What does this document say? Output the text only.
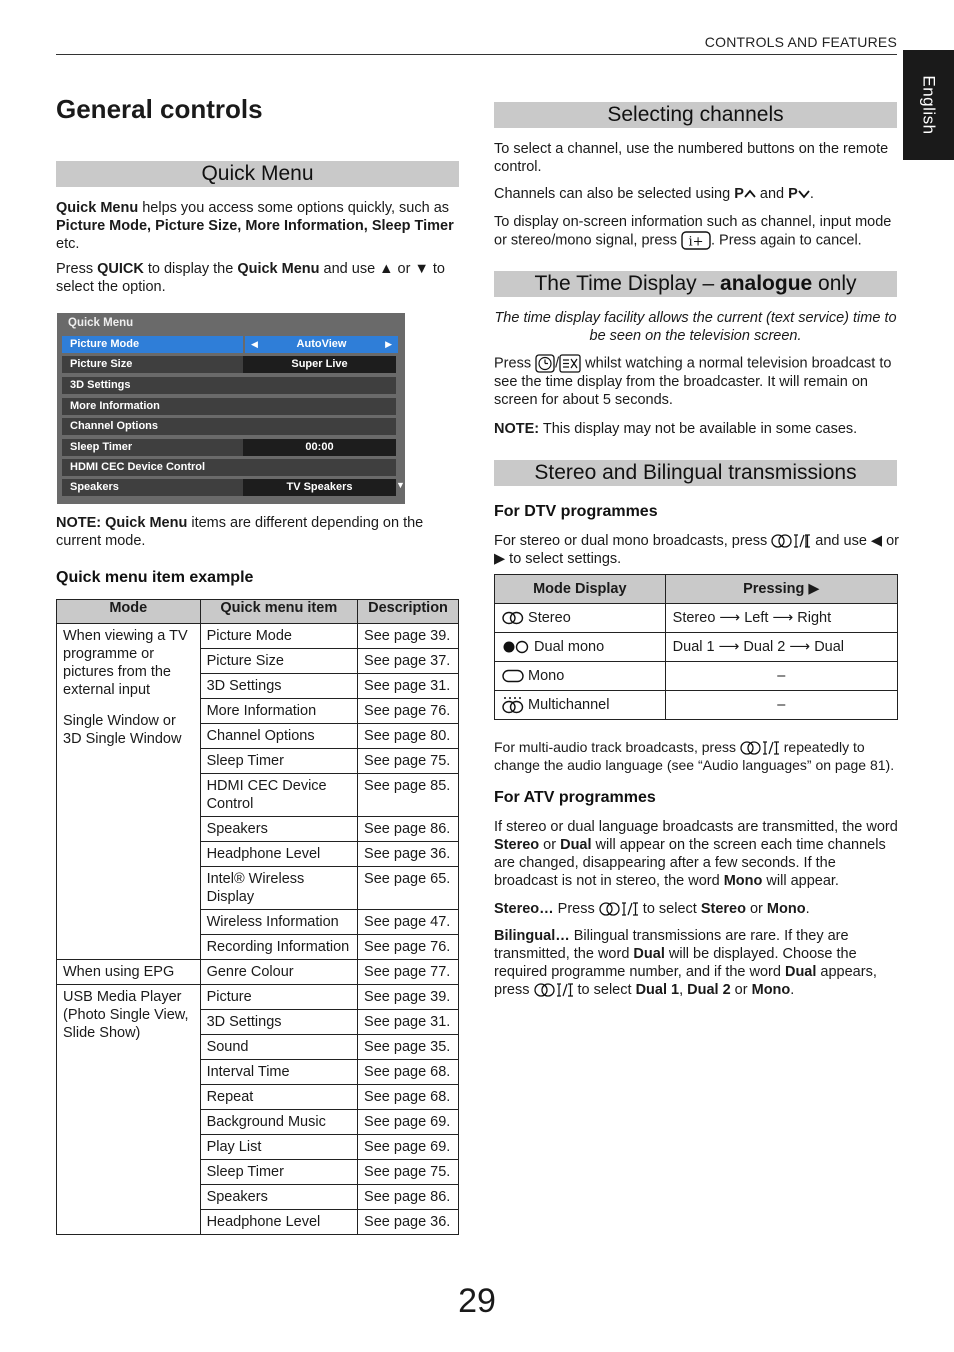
CONTROLS AND FEATURES
English
General controls
Quick Menu
Quick Menu helps you access some options quickly, such as Picture Mode, Picture Size, More Information, Sleep Timer etc.
Press QUICK to display the Quick Menu and use ▲ or ▼ to select the option.
Quick Menu
Picture Mode	◀	AutoView	▶
Picture Size	Super Live
3D Settings
More Information
Channel Options
Sleep Timer	00:00
HDMI CEC Device Control
Speakers	TV Speakers	▼
NOTE: Quick Menu items are different depending on the current mode.
Quick menu item example
Mode	Quick menu item	Description

When viewing a TV programme or pictures from the external input
Single Window or 3D Single Window	Picture Mode	See page 39.
	Picture Size	See page 37.
	3D Settings	See page 31.
	More Information	See page 76.
	Channel Options	See page 80.
	Sleep Timer	See page 75.
	HDMI CEC Device Control	See page 85.
	Speakers	See page 86.
	Headphone Level	See page 36.
	Intel® Wireless Display	See page 65.
	Wireless Information	See page 47.
	Recording Information	See page 76.
When using EPG	Genre Colour	See page 77.
USB Media Player (Photo Single View, Slide Show)	Picture	See page 39.
	3D Settings	See page 31.
	Sound	See page 35.
	Interval Time	See page 68.
	Repeat	See page 68.
	Background Music	See page 69.
	Play List	See page 69.
	Sleep Timer	See page 75.
	Speakers	See page 86.
	Headphone Level	See page 36.
Selecting channels
To select a channel, use the numbered buttons on the remote control.
Channels can also be selected using P and P .
To display on-screen information such as channel, input mode or stereo/mono signal, press i+ . Press again to cancel.
The Time Display – analogue only
The time display facility allows the current (text service) time to be seen on the television screen.
Press / whilst watching a normal television broadcast to see the time display from the broadcaster. It will remain on screen for about 5 seconds.
NOTE: This display may not be available in some cases.
Stereo and Bilingual transmissions
For DTV programmes
For stereo or dual mono broadcasts, press	and use ◀ or ▶ to select settings.
Mode Display	Pressing ▶
Stereo	Stereo ⟶ Left ⟶ Right
Dual mono	Dual 1 ⟶ Dual 2 ⟶ Dual
Mono	–
Multichannel	–
For multi-audio track broadcasts, press	repeatedly to change the audio language (see “Audio languages” on page 81).
For ATV programmes
If stereo or dual language broadcasts are transmitted, the word Stereo or Dual will appear on the screen each time channels are changed, disappearing after a few seconds. If the broadcast is not in stereo, the word Mono will appear.
Stereo… Press	to select Stereo or Mono.
Bilingual… Bilingual transmissions are rare. If they are transmitted, the word Dual will be displayed. Choose the required programme number, and if the word Dual appears, press	to select Dual 1, Dual 2 or Mono.
29
